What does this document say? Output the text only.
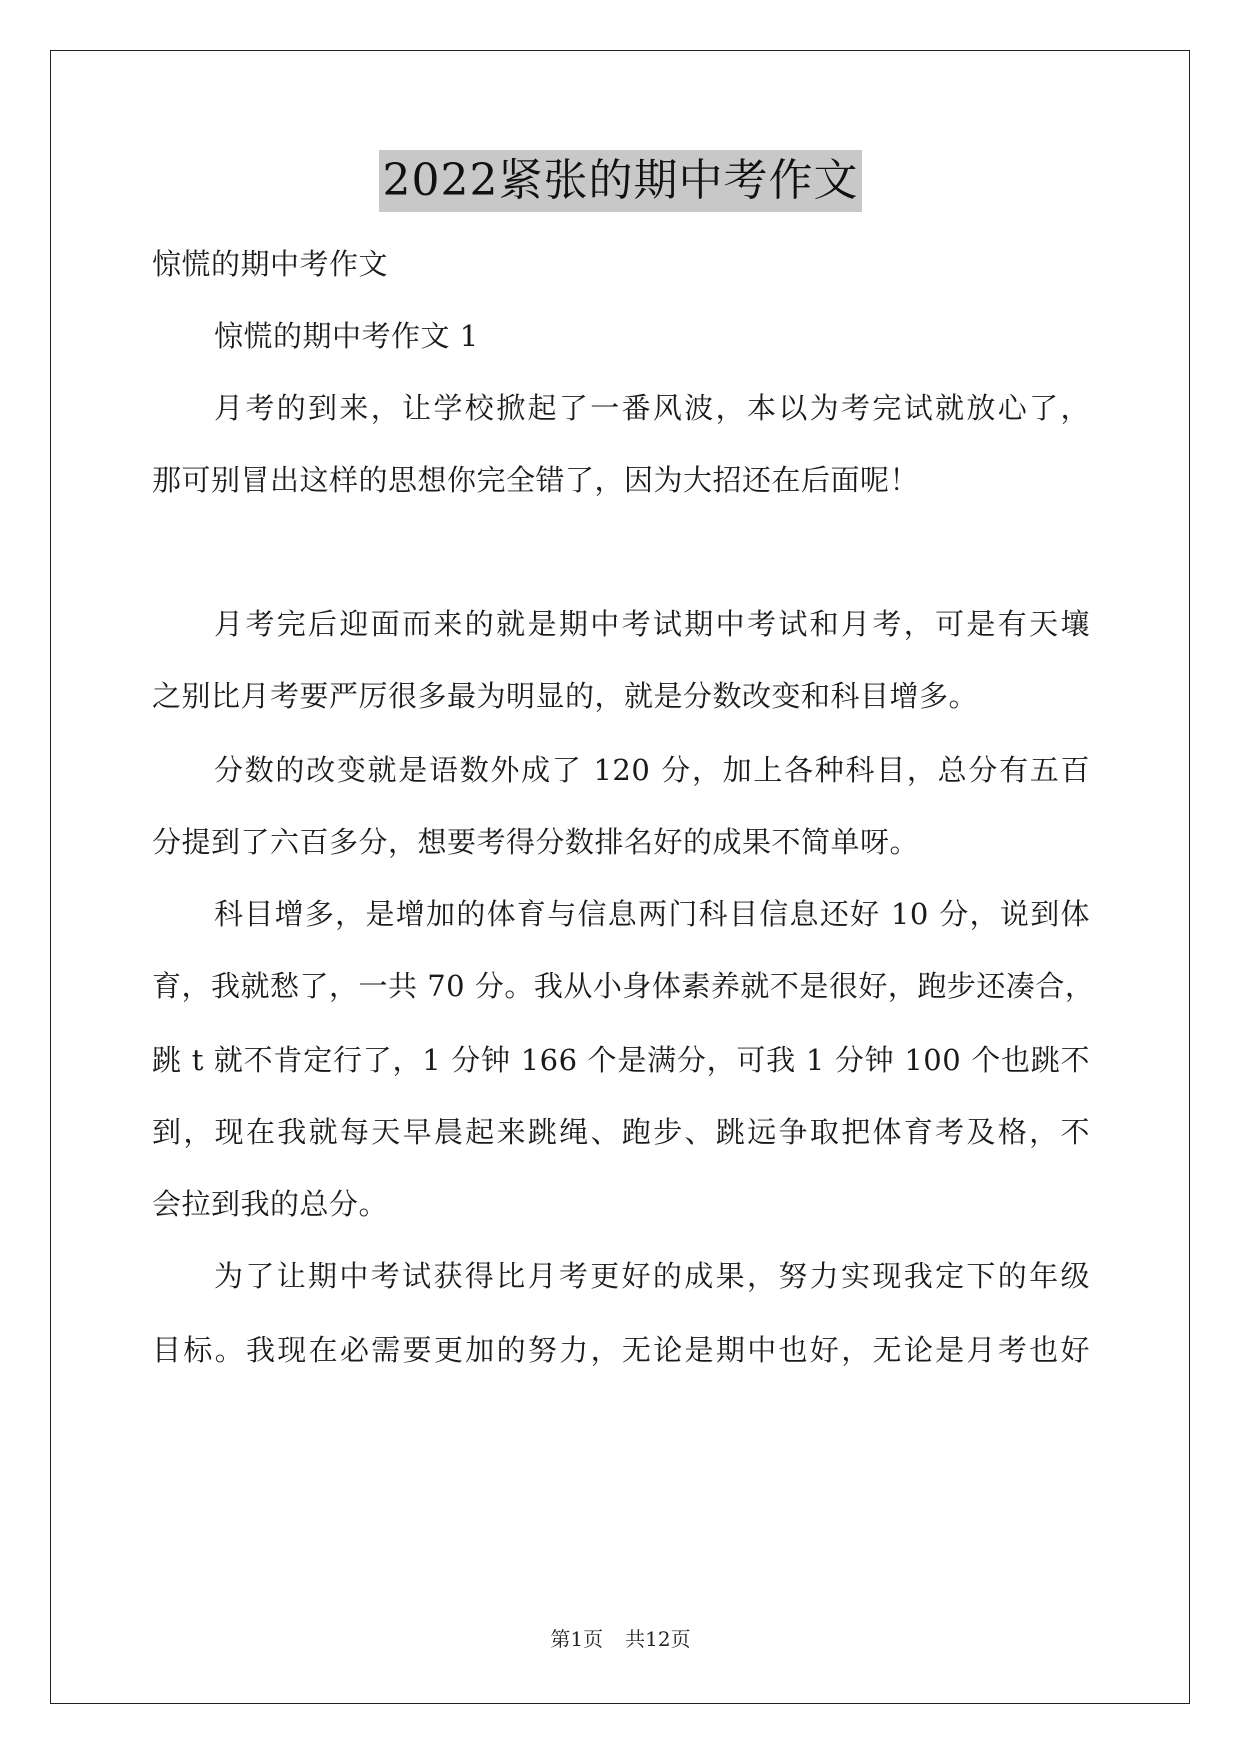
2022紧张的期中考作文
惊慌的期中考作文
惊慌的期中考作文 1
月考的到来，让学校掀起了一番风波，本以为考完试就放心了，
那可别冒出这样的思想你完全错了，因为大招还在后面呢！
月考完后迎面而来的就是期中考试期中考试和月考，可是有天壤
之别比月考要严厉很多最为明显的，就是分数改变和科目增多。
分数的改变就是语数外成了 120 分，加上各种科目，总分有五百
分提到了六百多分，想要考得分数排名好的成果不简单呀。
科目增多，是增加的体育与信息两门科目信息还好 10 分，说到体
育，我就愁了，一共 70 分。我从小身体素养就不是很好，跑步还凑合，
跳 t 就不肯定行了，1 分钟 166 个是满分，可我 1 分钟 100 个也跳不
到，现在我就每天早晨起来跳绳、跑步、跳远争取把体育考及格，不
会拉到我的总分。
为了让期中考试获得比月考更好的成果，努力实现我定下的年级
目标。我现在必需要更加的努力，无论是期中也好，无论是月考也好
第1页 共12页
